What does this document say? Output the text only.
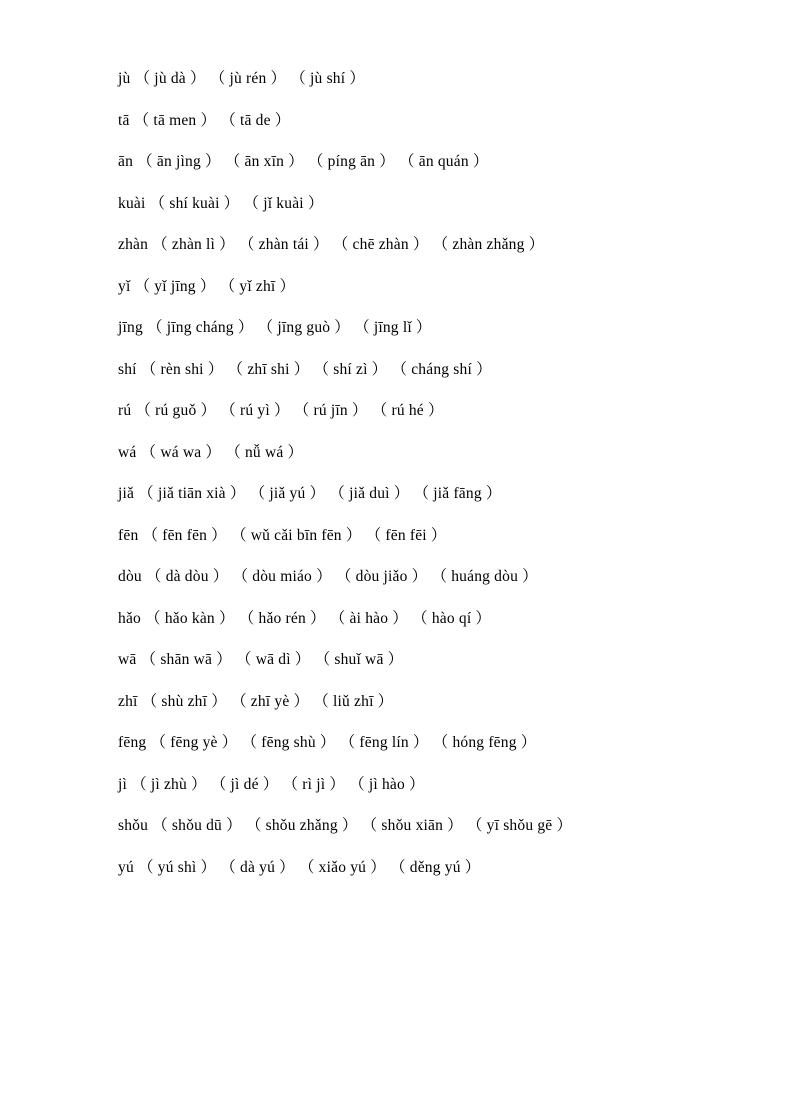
jù （ jù dà ） （ jù rén ） （ jù shí ）
tā （ tā men ） （ tā de ）
ān （ ān jìng ） （ ān xīn ） （ píng ān ） （ ān quán ）
kuài （ shí kuài ） （ jǐ kuài ）
zhàn （ zhàn lì ） （ zhàn tái ） （ chē zhàn ） （ zhàn zhǎng ）
yǐ （ yǐ jīng ） （ yǐ zhī ）
jīng （ jīng cháng ） （ jīng guò ） （ jīng lǐ ）
shí （ rèn shi ） （ zhī shi ） （ shí zì ） （ cháng shí ）
rú （ rú guǒ ） （ rú yì ） （ rú jīn ） （ rú hé ）
wá （ wá wa ） （ nǚ wá ）
jiǎ （ jiǎ tiān xià ） （ jiǎ yú ） （ jiǎ duì ） （ jiǎ fāng ）
fēn （ fēn fēn ） （ wǔ cǎi bīn fēn ） （ fēn fēi ）
dòu （ dà dòu ） （ dòu miáo ） （ dòu jiǎo ） （ huáng dòu ）
hǎo （ hǎo kàn ） （ hǎo rén ） （ ài hào ） （ hào qí ）
wā （ shān wā ） （ wā dì ） （ shuǐ wā ）
zhī （ shù zhī ） （ zhī yè ） （ liǔ zhī ）
fēng （ fēng yè ） （ fēng shù ） （ fēng lín ） （ hóng fēng ）
jì （ jì zhù ） （ jì dé ） （ rì jì ） （ jì hào ）
shǒu （ shǒu dū ） （ shǒu zhǎng ） （ shǒu xiān ） （ yī shǒu gē ）
yú （ yú shì ） （ dà yú ） （ xiǎo yú ） （ děng yú ）
